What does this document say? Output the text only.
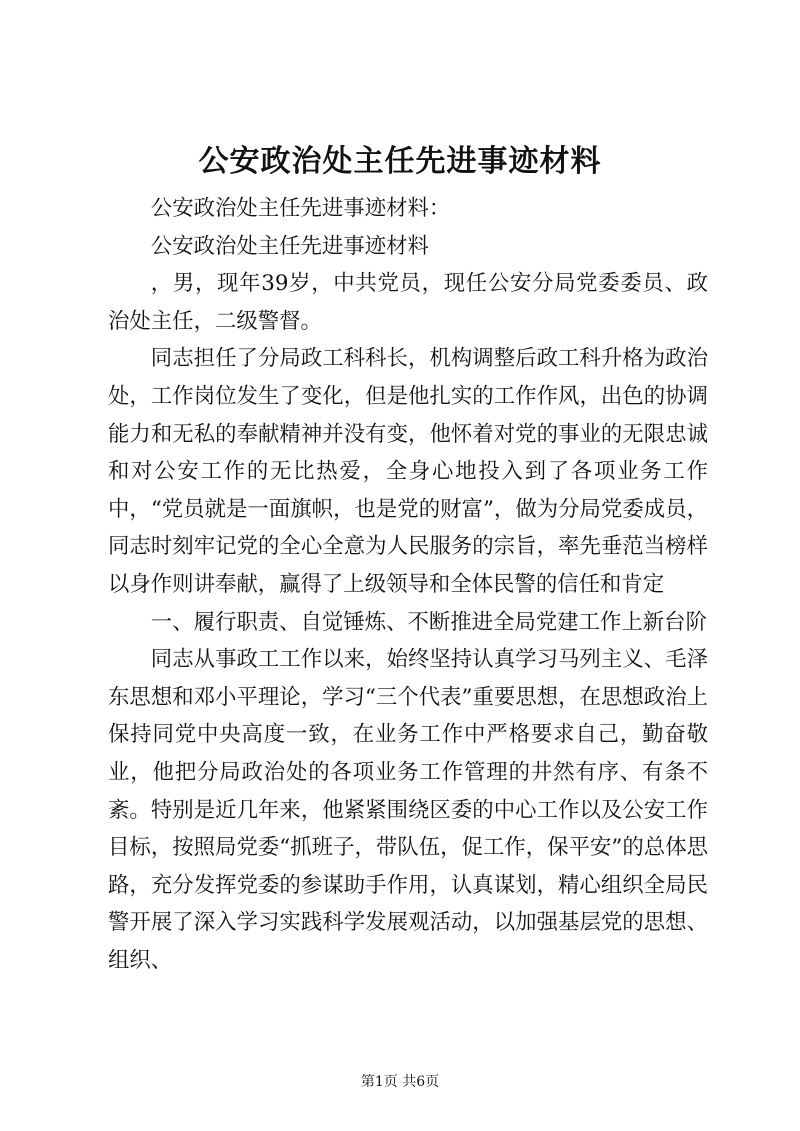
公安政治处主任先进事迹材料

公安政治处主任先进事迹材料：

公安政治处主任先进事迹材料

，男，现年39岁，中共党员，现任公安分局党委委员、政治处主任，二级警督。

同志担任了分局政工科科长，机构调整后政工科升格为政治处，工作岗位发生了变化，但是他扎实的工作作风，出色的协调能力和无私的奉献精神并没有变，他怀着对党的事业的无限忠诚和对公安工作的无比热爱，全身心地投入到了各项业务工作中，“党员就是一面旗帜，也是党的财富”，做为分局党委成员，同志时刻牢记党的全心全意为人民服务的宗旨，率先垂范当榜样以身作则讲奉献，赢得了上级领导和全体民警的信任和肯定

一、履行职责、自觉锤炼、不断推进全局党建工作上新台阶

同志从事政工工作以来，始终坚持认真学习马列主义、毛泽东思想和邓小平理论，学习“三个代表”重要思想，在思想政治上保持同党中央高度一致，在业务工作中严格要求自己，勤奋敬业，他把分局政治处的各项业务工作管理的井然有序、有条不紊。特别是近几年来，他紧紧围绕区委的中心工作以及公安工作目标，按照局党委“抓班子，带队伍，促工作，保平安”的总体思路，充分发挥党委的参谋助手作用，认真谋划，精心组织全局民警开展了深入学习实践科学发展观活动，以加强基层党的思想、组织、

第1页 共6页
